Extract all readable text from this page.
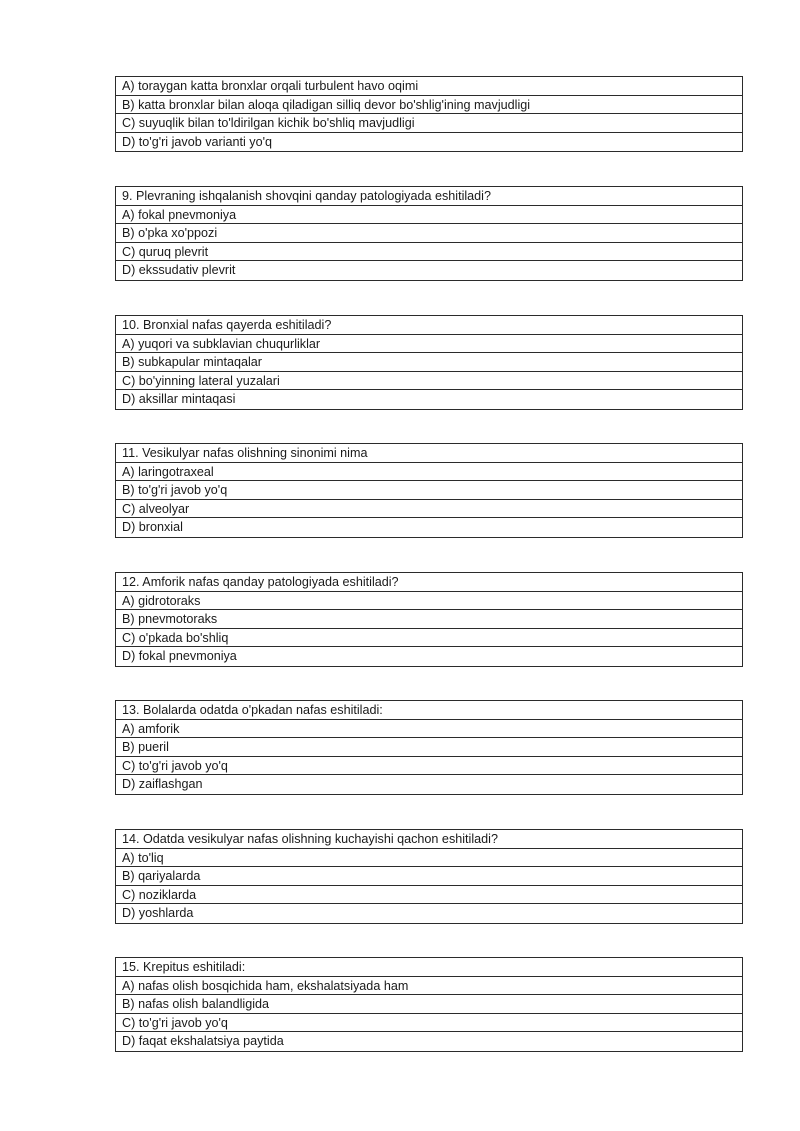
A) toraygan katta bronxlar orqali turbulent havo oqimi
B) katta bronxlar bilan aloqa qiladigan silliq devor bo'shlig'ining mavjudligi
C) suyuqlik bilan to'ldirilgan kichik bo'shliq mavjudligi
D) to'g'ri javob varianti yo'q
9. Plevraning ishqalanish shovqini qanday patologiyada eshitiladi?
A) fokal pnevmoniya
B) o'pka xo'ppozi
C) quruq plevrit
D) ekssudativ plevrit
10. Bronxial nafas qayerda eshitiladi?
A) yuqori va subklavian chuqurliklar
B) subkapular mintaqalar
C) bo'yinning lateral yuzalari
D) aksillar mintaqasi
11. Vesikulyar nafas olishning sinonimi nima
A) laringotraxeal
B) to'g'ri javob yo'q
C) alveolyar
D) bronxial
12. Amforik nafas qanday patologiyada eshitiladi?
A) gidrotoraks
B) pnevmotoraks
C) o'pkada bo'shliq
D) fokal pnevmoniya
13. Bolalarda odatda o'pkadan nafas eshitiladi:
A) amforik
B) pueril
C) to'g'ri javob yo'q
D) zaiflashgan
14. Odatda vesikulyar nafas olishning kuchayishi qachon eshitiladi?
A) to'liq
B) qariyalarda
C) noziklarda
D) yoshlarda
15. Krepitus eshitiladi:
A) nafas olish bosqichida ham, ekshalatsiyada ham
B) nafas olish balandligida
C) to'g'ri javob yo'q
D) faqat ekshalatsiya paytida
